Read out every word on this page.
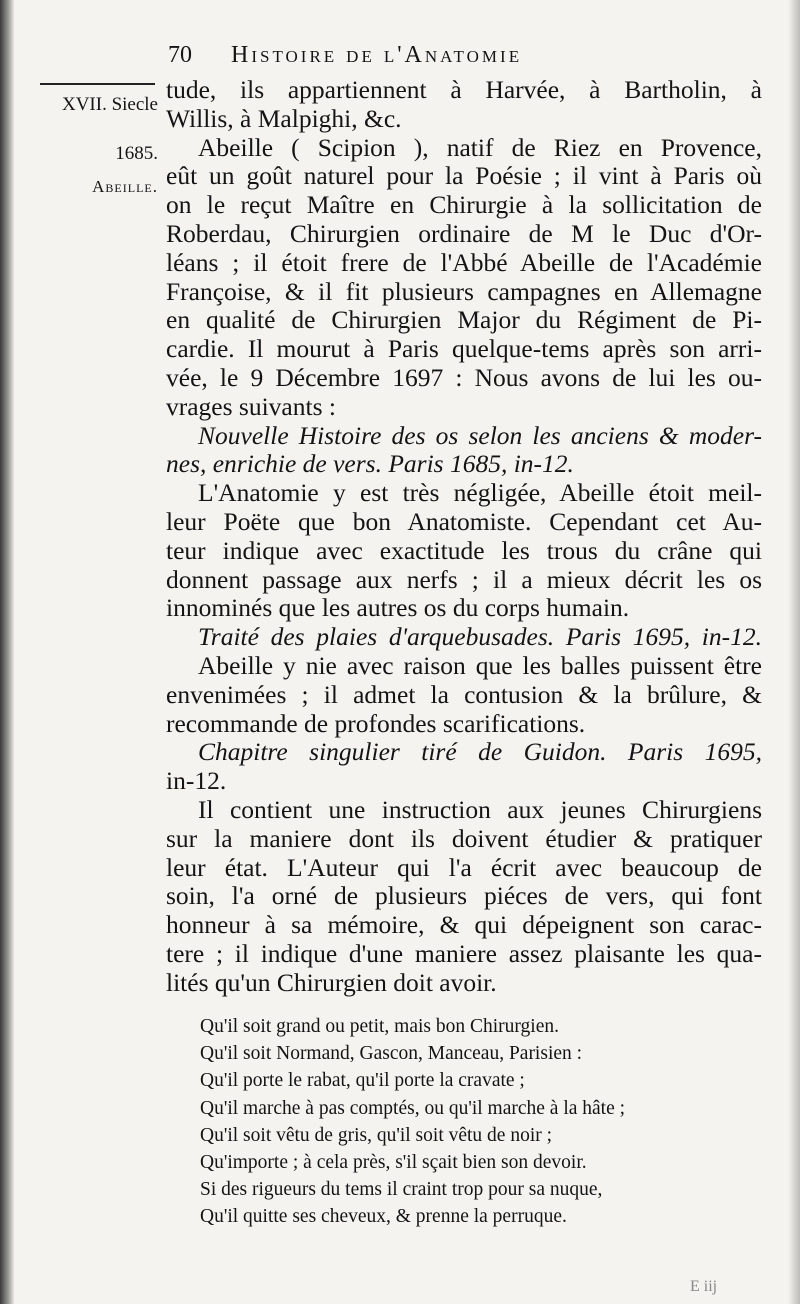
70 Histoire de l'Anatomie
XVII. Siecle
1685.
Abeille.
tude, ils appartiennent à Harvée, à Bartholin, à
Willis, à Malpighi, &c.
Abeille ( Scipion ), natif de Riez en Provence,
eût un goût naturel pour la Poésie ; il vint à Paris où
on le reçut Maître en Chirurgie à la sollicitation de
Roberdau, Chirurgien ordinaire de M le Duc d'Or-
léans ; il étoit frere de l'Abbé Abeille de l'Académie
Françoise, & il fit plusieurs campagnes en Allemagne
en qualité de Chirurgien Major du Régiment de Pi-
cardie. Il mourut à Paris quelque-tems après son arri-
vée, le 9 Décembre 1697 : Nous avons de lui les ou-
vrages suivants :
Nouvelle Histoire des os selon les anciens & moder-
nes, enrichie de vers. Paris 1685, in-12.
L'Anatomie y est très négligée, Abeille étoit meil-
leur Poëte que bon Anatomiste. Cependant cet Au-
teur indique avec exactitude les trous du crâne qui
donnent passage aux nerfs ; il a mieux décrit les os
innominés que les autres os du corps humain.
Traité des plaies d'arquebusades. Paris 1695, in-12.
Abeille y nie avec raison que les balles puissent être
envenimées ; il admet la contusion & la brûlure, &
recommande de profondes scarifications.
Chapitre singulier tiré de Guidon. Paris 1695,
in-12.
Il contient une instruction aux jeunes Chirurgiens
sur la maniere dont ils doivent étudier & pratiquer
leur état. L'Auteur qui l'a écrit avec beaucoup de
soin, l'a orné de plusieurs piéces de vers, qui font
honneur à sa mémoire, & qui dépeignent son carac-
tere ; il indique d'une maniere assez plaisante les qua-
lités qu'un Chirurgien doit avoir.
Qu'il soit grand ou petit, mais bon Chirurgien.
Qu'il soit Normand, Gascon, Manceau, Parisien :
Qu'il porte le rabat, qu'il porte la cravate ;
Qu'il marche à pas comptés, ou qu'il marche à la hâte ;
Qu'il soit vêtu de gris, qu'il soit vêtu de noir ;
Qu'importe ; à cela près, s'il sçait bien son devoir.
Si des rigueurs du tems il craint trop pour sa nuque,
Qu'il quitte ses cheveux, & prenne la perruque.
E iij
